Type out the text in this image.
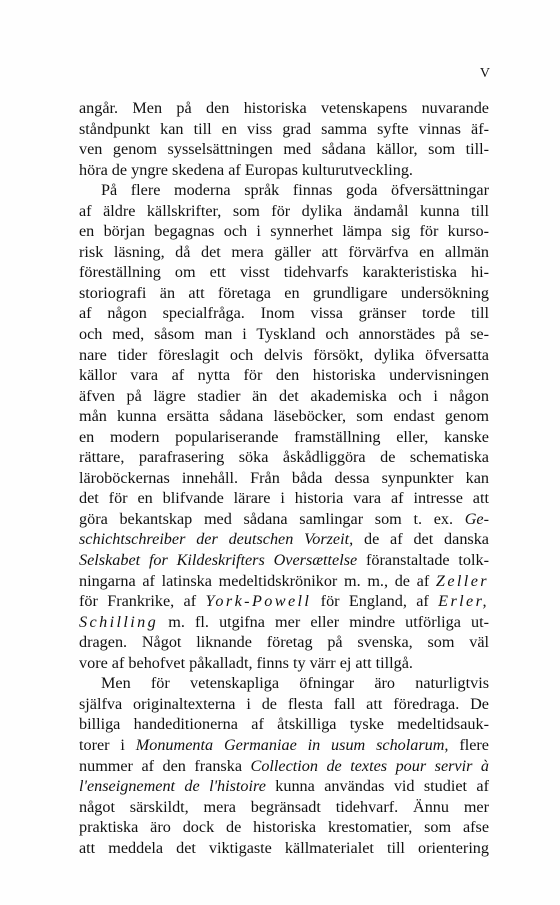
V
angår. Men på den historiska vetenskapens nuvarande
ståndpunkt kan till en viss grad samma syfte vinnas äf-
ven genom sysselsättningen med sådana källor, som till-
höra de yngre skedena af Europas kulturutveckling.
På flere moderna språk finnas goda öfversättningar
af äldre källskrifter, som för dylika ändamål kunna till
en början begagnas och i synnerhet lämpa sig för kurso-
risk läsning, då det mera gäller att förvärfva en allmän
föreställning om ett visst tidehvarfs karakteristiska hi-
storiografi än att företaga en grundligare undersökning
af någon specialfråga. Inom vissa gränser torde till
och med, såsom man i Tyskland och annorstädes på se-
nare tider föreslagit och delvis försökt, dylika öfversatta
källor vara af nytta för den historiska undervisningen
äfven på lägre stadier än det akademiska och i någon
mån kunna ersätta sådana läseböcker, som endast genom
en modern populariserande framställning eller, kanske
rättare, parafrasering söka åskådliggöra de schematiska
läroböckernas innehåll. Från båda dessa synpunkter kan
det för en blifvande lärare i historia vara af intresse att
göra bekantskap med sådana samlingar som t. ex. Ge-
schichtschreiber der deutschen Vorzeit, de af det danska
Selskabet for Kildeskrifters Oversættelse föranstaltade tolk-
ningarna af latinska medeltidskrönikor m. m., de af Zeller
för Frankrike, af York-Powell för England, af Erler,
Schilling m. fl. utgifna mer eller mindre utförliga ut-
dragen. Något liknande företag på svenska, som väl
vore af behofvet påkalladt, finns ty värr ej att tillgå.
Men för vetenskapliga öfningar äro naturligtvis
själfva originaltexterna i de flesta fall att föredraga. De
billiga handeditionerna af åtskilliga tyske medeltidsauk-
torer i Monumenta Germaniae in usum scholarum, flere
nummer af den franska Collection de textes pour servir à
l'enseignement de l'histoire kunna användas vid studiet af
något särskildt, mera begränsadt tidehvarf. Ännu mer
praktiska äro dock de historiska krestomatier, som afse
att meddela det viktigaste källmaterialet till orientering
